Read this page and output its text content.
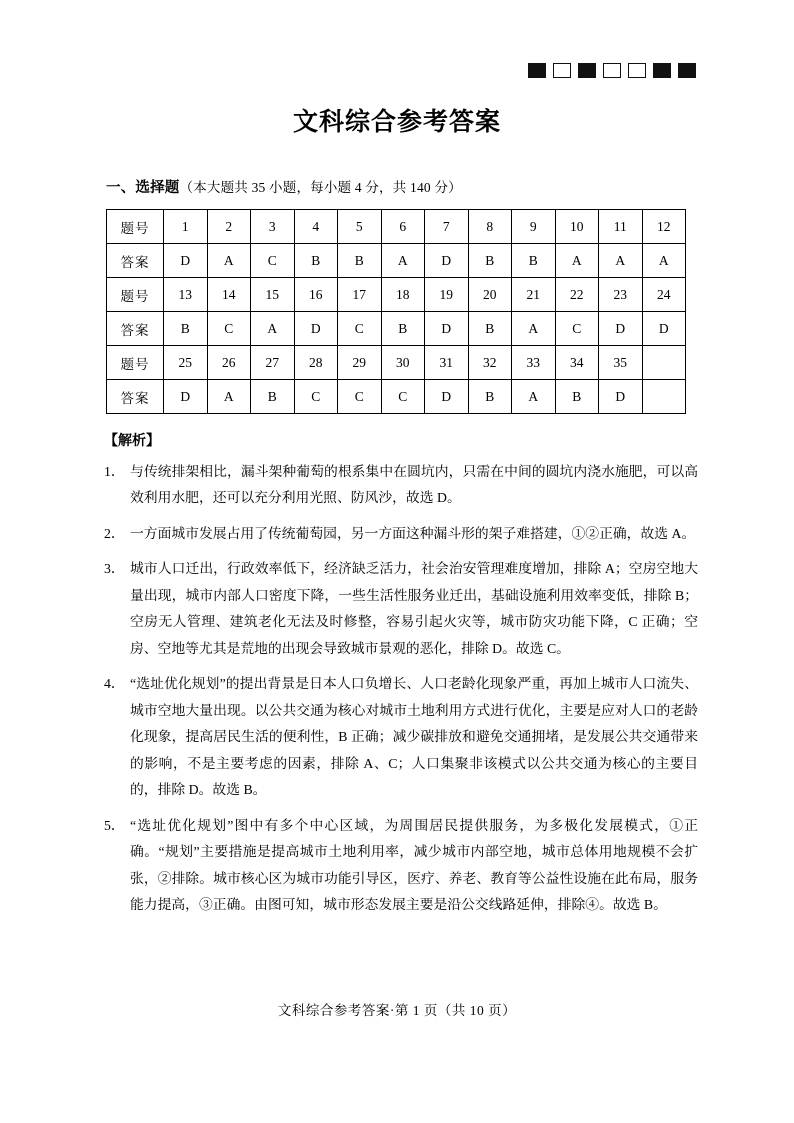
文科综合参考答案
一、选择题（本大题共 35 小题，每小题 4 分，共 140 分）
题号	1	2	3	4	5	6	7	8	9	10	11	12
答案	D	A	C	B	B	A	D	B	B	A	A	A
题号	13	14	15	16	17	18	19	20	21	22	23	24
答案	B	C	A	D	C	B	D	B	A	C	D	D
题号	25	26	27	28	29	30	31	32	33	34	35	
答案	D	A	B	C	C	C	D	B	A	B	D	
【解析】
1． 与传统排架相比，漏斗架种葡萄的根系集中在圆坑内，只需在中间的圆坑内浇水施肥，可以高效利用水肥，还可以充分利用光照、防风沙，故选 D。
2． 一方面城市发展占用了传统葡萄园，另一方面这种漏斗形的架子难搭建，①②正确，故选 A。
3． 城市人口迁出，行政效率低下，经济缺乏活力，社会治安管理难度增加，排除 A；空房空地大量出现，城市内部人口密度下降，一些生活性服务业迁出，基础设施利用效率变低，排除 B；空房无人管理、建筑老化无法及时修整，容易引起火灾等，城市防灾功能下降，C 正确；空房、空地等尤其是荒地的出现会导致城市景观的恶化，排除 D。故选 C。
4． “选址优化规划”的提出背景是日本人口负增长、人口老龄化现象严重，再加上城市人口流失、城市空地大量出现。以公共交通为核心对城市土地利用方式进行优化，主要是应对人口的老龄化现象，提高居民生活的便利性，B 正确；减少碳排放和避免交通拥堵，是发展公共交通带来的影响，不是主要考虑的因素，排除 A、C；人口集聚非该模式以公共交通为核心的主要目的，排除 D。故选 B。
5． “选址优化规划”图中有多个中心区域，为周围居民提供服务，为多极化发展模式，①正确。“规划”主要措施是提高城市土地利用率，减少城市内部空地，城市总体用地规模不会扩张，②排除。城市核心区为城市功能引导区，医疗、养老、教育等公益性设施在此布局，服务能力提高，③正确。由图可知，城市形态发展主要是沿公交线路延伸，排除④。故选 B。
文科综合参考答案·第 1 页（共 10 页）
